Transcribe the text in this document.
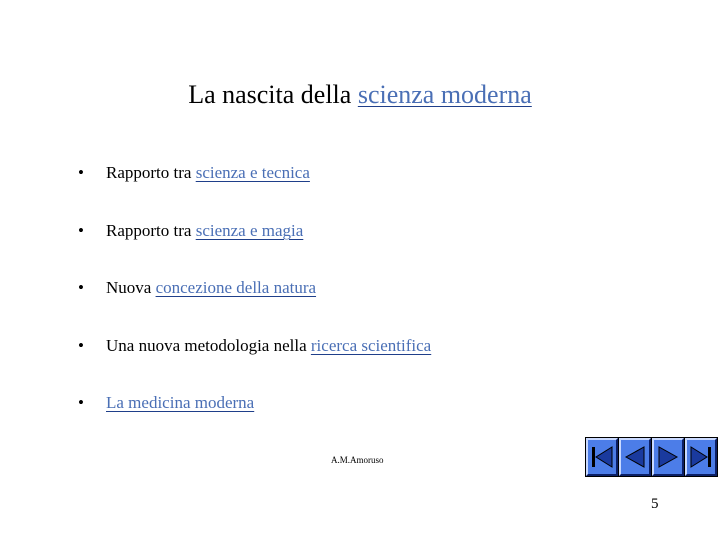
La nascita della scienza moderna
• Rapporto tra scienza e tecnica
• Rapporto tra scienza e magia
• Nuova concezione della natura
• Una nuova metodologia nella ricerca scientifica
• La medicina moderna
A.M.Amoruso
5
